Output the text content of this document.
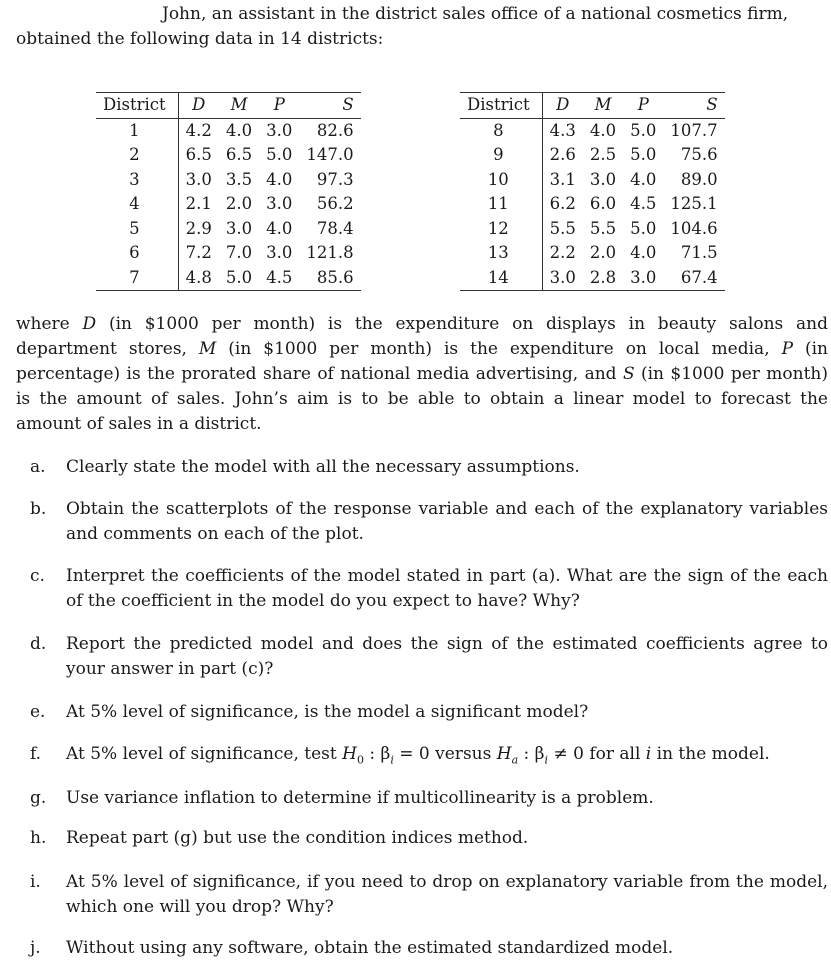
John, an assistant in the district sales office of a national cosmetics firm,
obtained the following data in 14 districts:
District	D	M	P	S
1	4.2	4.0	3.0	82.6
2	6.5	6.5	5.0	147.0
3	3.0	3.5	4.0	97.3
4	2.1	2.0	3.0	56.2
5	2.9	3.0	4.0	78.4
6	7.2	7.0	3.0	121.8
7	4.8	5.0	4.5	85.6
District	D	M	P	S
8	4.3	4.0	5.0	107.7
9	2.6	2.5	5.0	75.6
10	3.1	3.0	4.0	89.0
11	6.2	6.0	4.5	125.1
12	5.5	5.5	5.0	104.6
13	2.2	2.0	4.0	71.5
14	3.0	2.8	3.0	67.4
where D (in $1000 per month) is the expenditure on displays in beauty salons and department stores, M (in $1000 per month) is the expenditure on local media, P (in percentage) is the prorated share of national media advertising, and S (in $1000 per month) is the amount of sales. John’s aim is to be able to obtain a linear model to forecast the amount of sales in a district.
a.	Clearly state the model with all the necessary assumptions.
b.	Obtain the scatterplots of the response variable and each of the explanatory variables and comments on each of the plot.
c.	Interpret the coefficients of the model stated in part (a). What are the sign of the each of the coefficient in the model do you expect to have? Why?
d.	Report the predicted model and does the sign of the estimated coefficients agree to your answer in part (c)?
e.	At 5% level of significance, is the model a significant model?
f.	At 5% level of significance, test $H_0$ : $\beta_i = 0$ versus $H_a$ : $\beta_i \ne 0$ for all i in the model.
g.	Use variance inflation to determine if multicollinearity is a problem.
h.	Repeat part (g) but use the condition indices method.
i.	At 5% level of significance, if you need to drop on explanatory variable from the model, which one will you drop? Why?
j.	Without using any software, obtain the estimated standardized model.
